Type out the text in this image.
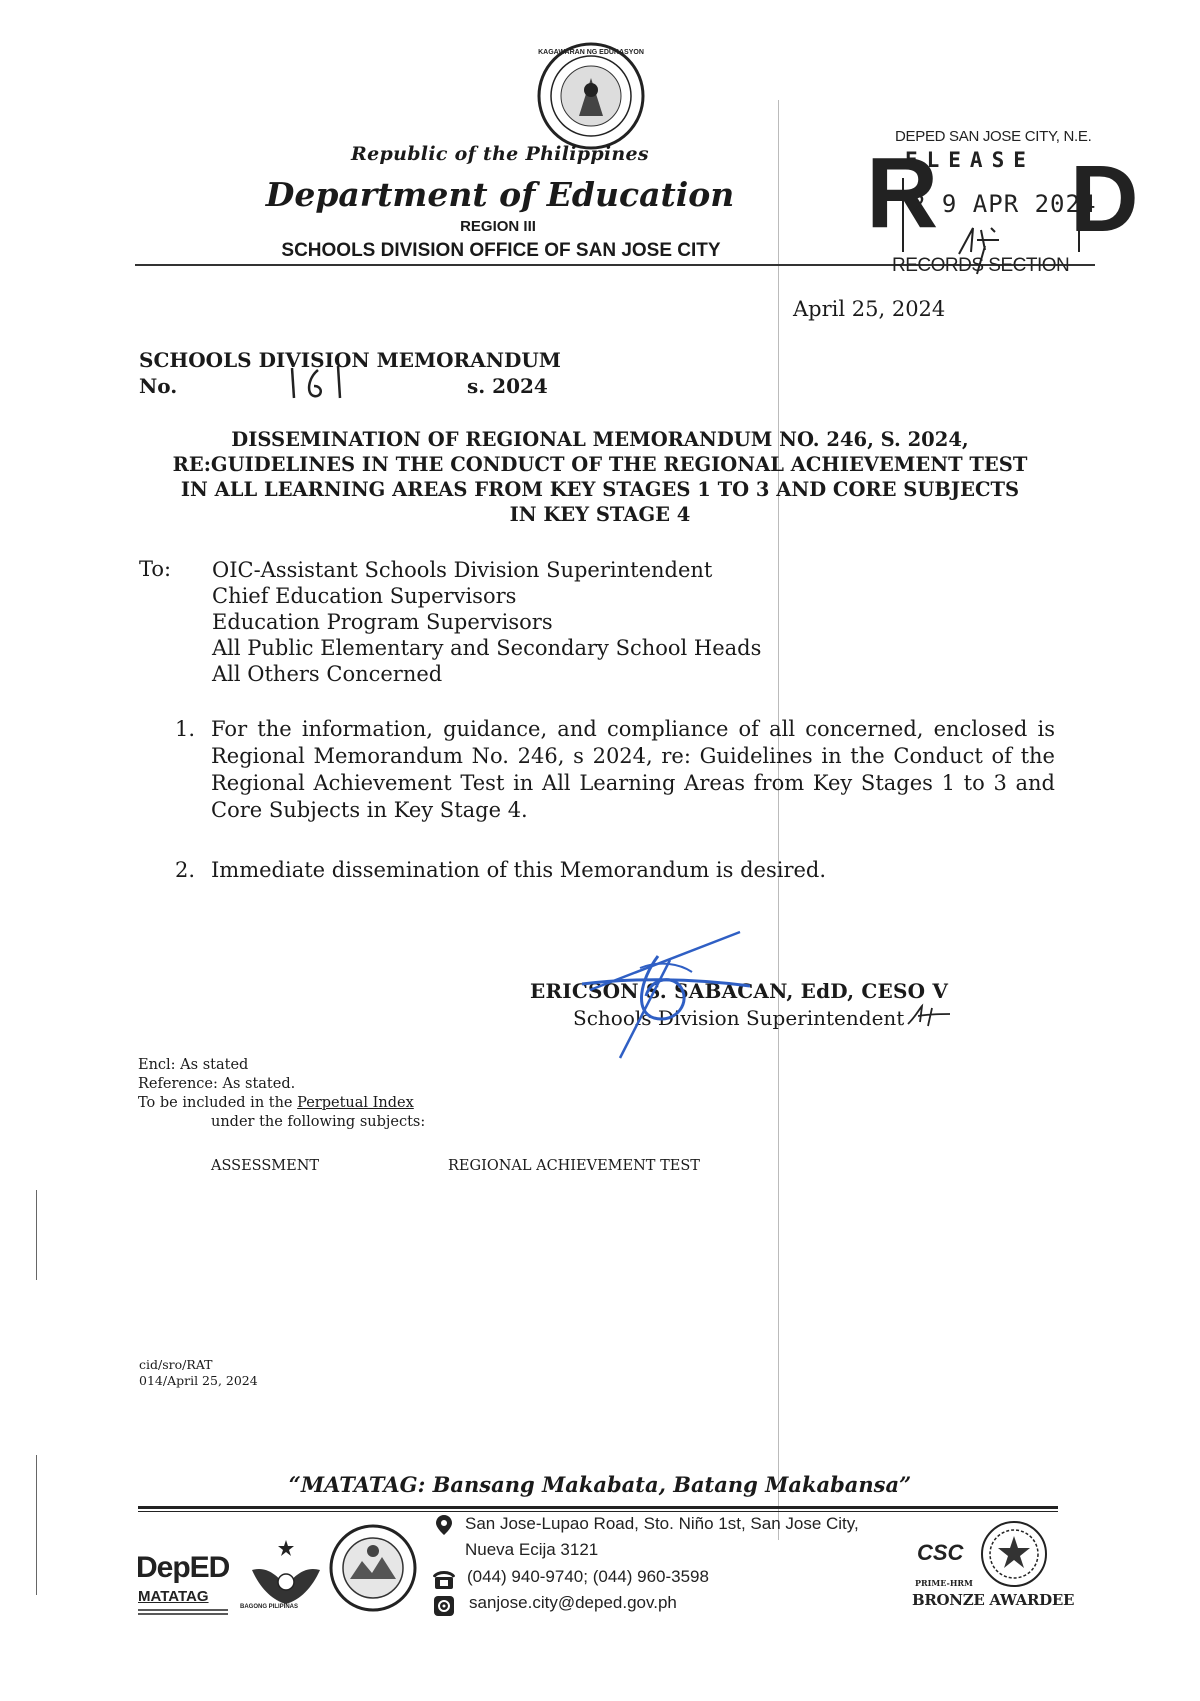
KAGAWARAN NG EDUKASYON
Republic of the Philippines
Department of Education
REGION III
SCHOOLS DIVISION OFFICE OF SAN JOSE CITY
DEPED SAN JOSE CITY, N.E.
R
ELEASE
2 9 APR 2024
D
RECORDS SECTION
April 25, 2024
SCHOOLS DIVISION MEMORANDUM
No.	s. 2024
DISSEMINATION OF REGIONAL MEMORANDUM NO. 246, S. 2024,
RE:GUIDELINES IN THE CONDUCT OF THE REGIONAL ACHIEVEMENT TEST
IN ALL LEARNING AREAS FROM KEY STAGES 1 TO 3 AND CORE SUBJECTS
IN KEY STAGE 4
To: OIC-Assistant Schools Division Superintendent
Chief Education Supervisors
Education Program Supervisors
All Public Elementary and Secondary School Heads
All Others Concerned
1. For the information, guidance, and compliance of all concerned, enclosed is Regional Memorandum No. 246, s 2024, re: Guidelines in the Conduct of the Regional Achievement Test in All Learning Areas from Key Stages 1 to 3 and Core Subjects in Key Stage 4.
2. Immediate dissemination of this Memorandum is desired.
ERICSON S. SABACAN, EdD, CESO V
Schools Division Superintendent
Encl: As stated
Reference: As stated.
To be included in the Perpetual Index
under the following subjects:
ASSESSMENT	REGIONAL ACHIEVEMENT TEST
cid/sro/RAT
014/April 25, 2024
“MATATAG: Bansang Makabata, Batang Makabansa”
DepED
MATATAG
BAGONG PILIPINAS
San Jose-Lupao Road, Sto. Niño 1st, San Jose City,
Nueva Ecija 3121
(044) 940-9740; (044) 960-3598
sanjose.city@deped.gov.ph
CSC
PRIME-HRM
BRONZE AWARDEE
